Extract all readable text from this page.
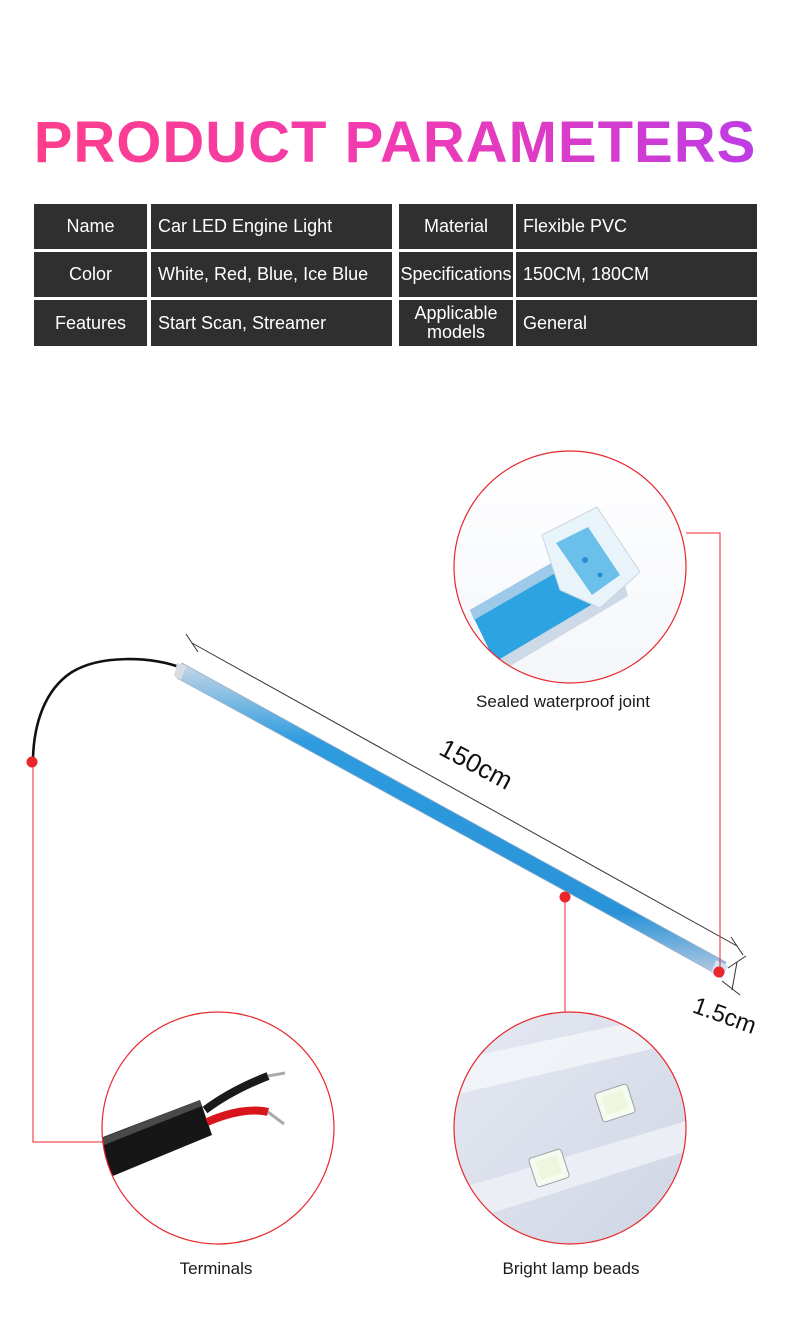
PRODUCT PARAMETERS
Name	Car LED Engine Light	Material	Flexible PVC
Color	White, Red, Blue, Ice Blue	Specifications 150CM, 180CM
Features	Start Scan, Streamer	Applicable models	General
150cm
1.5cm
Sealed waterproof joint
Terminals	Bright lamp beads
